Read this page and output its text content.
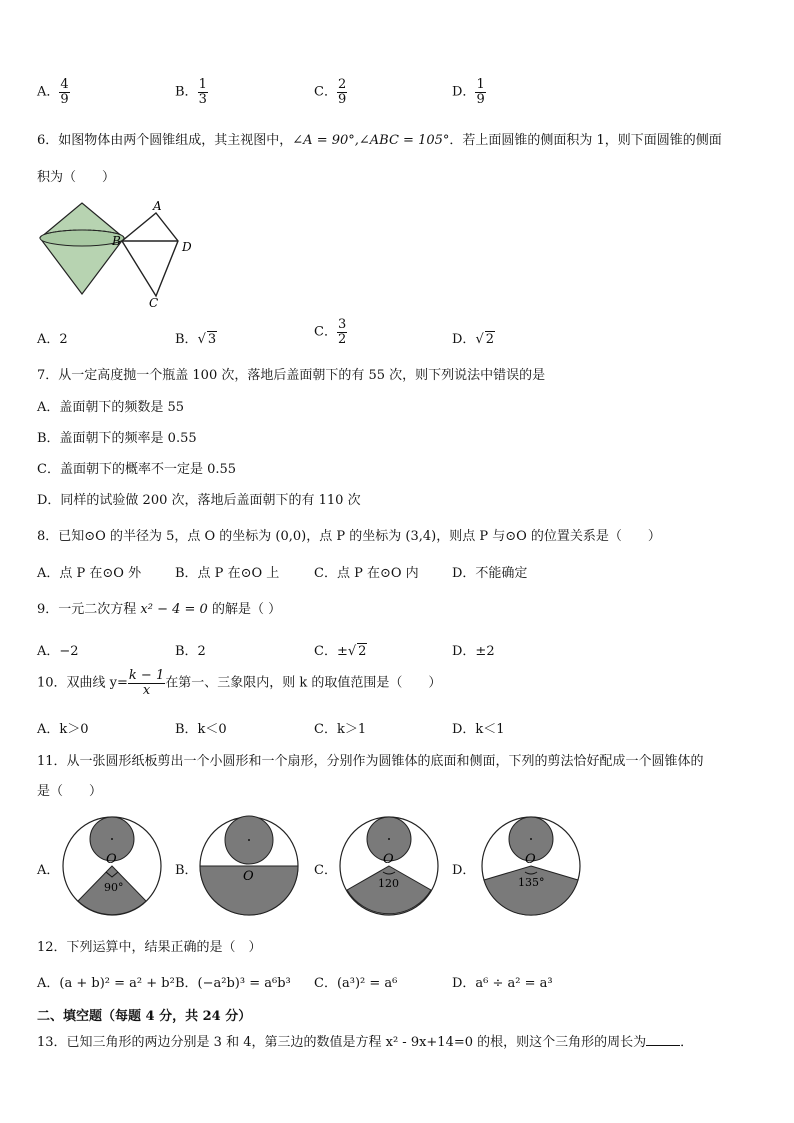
A． $\frac{4}{9}$	B． $\frac{1}{3}$	C． $\frac{2}{9}$	D． $\frac{1}{9}$
6．如图物体由两个圆锥组成，其主视图中，∠A = 90°,∠ABC = 105°．若上面圆锥的侧面积为 1，则下面圆锥的侧面
积为（　　）
A
B	D
C
A．2	B．√ 3	C． $\frac{3}{2}$	D．√ 2
7．从一定高度抛一个瓶盖 100 次，落地后盖面朝下的有 55 次，则下列说法中错误的是
A．盖面朝下的频数是 55
B．盖面朝下的频率是 0.55
C．盖面朝下的概率不一定是 0.55
D．同样的试验做 200 次，落地后盖面朝下的有 110 次
8．已知⊙O 的半径为 5，点 O 的坐标为 (0,0)，点 P 的坐标为 (3,4)，则点 P 与⊙O 的位置关系是（　　）
A．点 P 在⊙O 外	B．点 P 在⊙O 上	C．点 P 在⊙O 内	D．不能确定
9．一元二次方程 x² − 4 = 0 的解是（ ）
A．−2	B．2	C．±√ 2	D．±2
10．双曲线 $y= \frac{k - 1}{x}$ 在第一、三象限内，则 k 的取值范围是（　　）
A．k＞0	B．k＜0	C．k＞1	D．k＜1
11．从一张圆形纸板剪出一个小圆形和一个扇形，分别作为圆锥体的底面和侧面，下列的剪法恰好配成一个圆锥体的
是（　　）
A．
O
90°
B．	O	C．
O
120
D．
O
135°
12．下列运算中，结果正确的是（　）
A．(a + b)² = a² + b² B．(−a²b)³ = a⁶b³ C．(a³)² = a⁶	D．a⁶ ÷ a² = a³
二、填空题（每题 4 分，共 24 分）
13．已知三角形的两边分别是 3 和 4，第三边的数值是方程 x² - 9x+14=0 的根，则这个三角形的周长为	．
